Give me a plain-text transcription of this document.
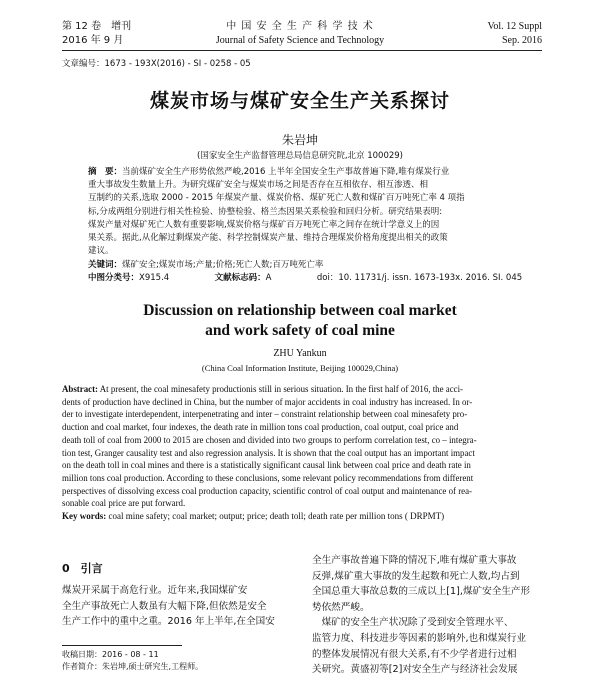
第 12 卷　增刊
2016 年 9 月
中 国 安 全 生 产 科 学 技 术
Journal of Safety Science and Technology
Vol. 12 Suppl
Sep. 2016
文章编号：1673 - 193X(2016) - SI - 0258 - 05
煤炭市场与煤矿安全生产关系探讨
朱岩坤
(国家安全生产监督管理总局信息研究院,北京 100029)
摘　要：当前煤矿安全生产形势依然严峻,2016 上半年全国安全生产事故普遍下降,唯有煤炭行业
重大事故发生数量上升。为研究煤矿安全与煤炭市场之间是否存在互相依存、相互渗透、相
互制约的关系,选取 2000 - 2015 年煤炭产量、煤炭价格、煤矿死亡人数和煤矿百万吨死亡率 4 项指
标,分成两组分别进行相关性检验、协整检验、格兰杰因果关系检验和回归分析。研究结果表明:
煤炭产量对煤矿死亡人数有重要影响,煤炭价格与煤矿百万吨死亡率之间存在统计学意义上的因
果关系。据此,从化解过剩煤炭产能、科学控制煤炭产量、维持合理煤炭价格角度提出相关的政策
建议。
关键词：煤矿安全;煤炭市场;产量;价格;死亡人数;百万吨死亡率
中图分类号：X915.4	文献标志码：A	doi：10. 11731/j. issn. 1673-193x. 2016. SI. 045
Discussion on relationship between coal market
and work safety of coal mine
ZHU Yankun
(China Coal Information Institute, Beijing 100029,China)
Abstract: At present, the coal minesafety productionis still in serious situation. In the first half of 2016, the acci-
dents of production have declined in China, but the number of major accidents in coal industry has increased. In or-
der to investigate interdependent, interpenetrating and inter – constraint relationship between coal minesafety pro-
duction and coal market, four indexes, the death rate in million tons coal production, coal output, coal price and
death toll of coal from 2000 to 2015 are chosen and divided into two groups to perform correlation test, co – integra-
tion test, Granger causality test and also regression analysis. It is shown that the coal output has an important impact
on the death toll in coal mines and there is a statistically significant causal link between coal price and death rate in
million tons coal production. According to these conclusions, some relevant policy recommendations from different
perspectives of dissolving excess coal production capacity, scientific control of coal output and maintenance of rea-
sonable coal price are put forward.
Key words: coal mine safety; coal market; output; price; death toll; death rate per million tons ( DRPMT)
0　 引言
煤炭开采属于高危行业。近年来,我国煤矿安
全生产事故死亡人数虽有大幅下降,但依然是安全
生产工作中的重中之重。2016 年上半年,在全国安
全生产事故普遍下降的情况下,唯有煤矿重大事故
反弹,煤矿重大事故的发生起数和死亡人数,均占到
全国总重大事故总数的三成以上[1],煤矿安全生产形
势依然严峻。
　煤矿的安全生产状况除了受到安全管理水平、
监管力度、科技进步等因素的影响外,也和煤炭行业
的整体发展情况有很大关系,有不少学者进行过相
关研究。黄盛初等[2]对安全生产与经济社会发展
收稿日期：2016 - 08 - 11
作者简介：朱岩坤,硕士研究生,工程师。
